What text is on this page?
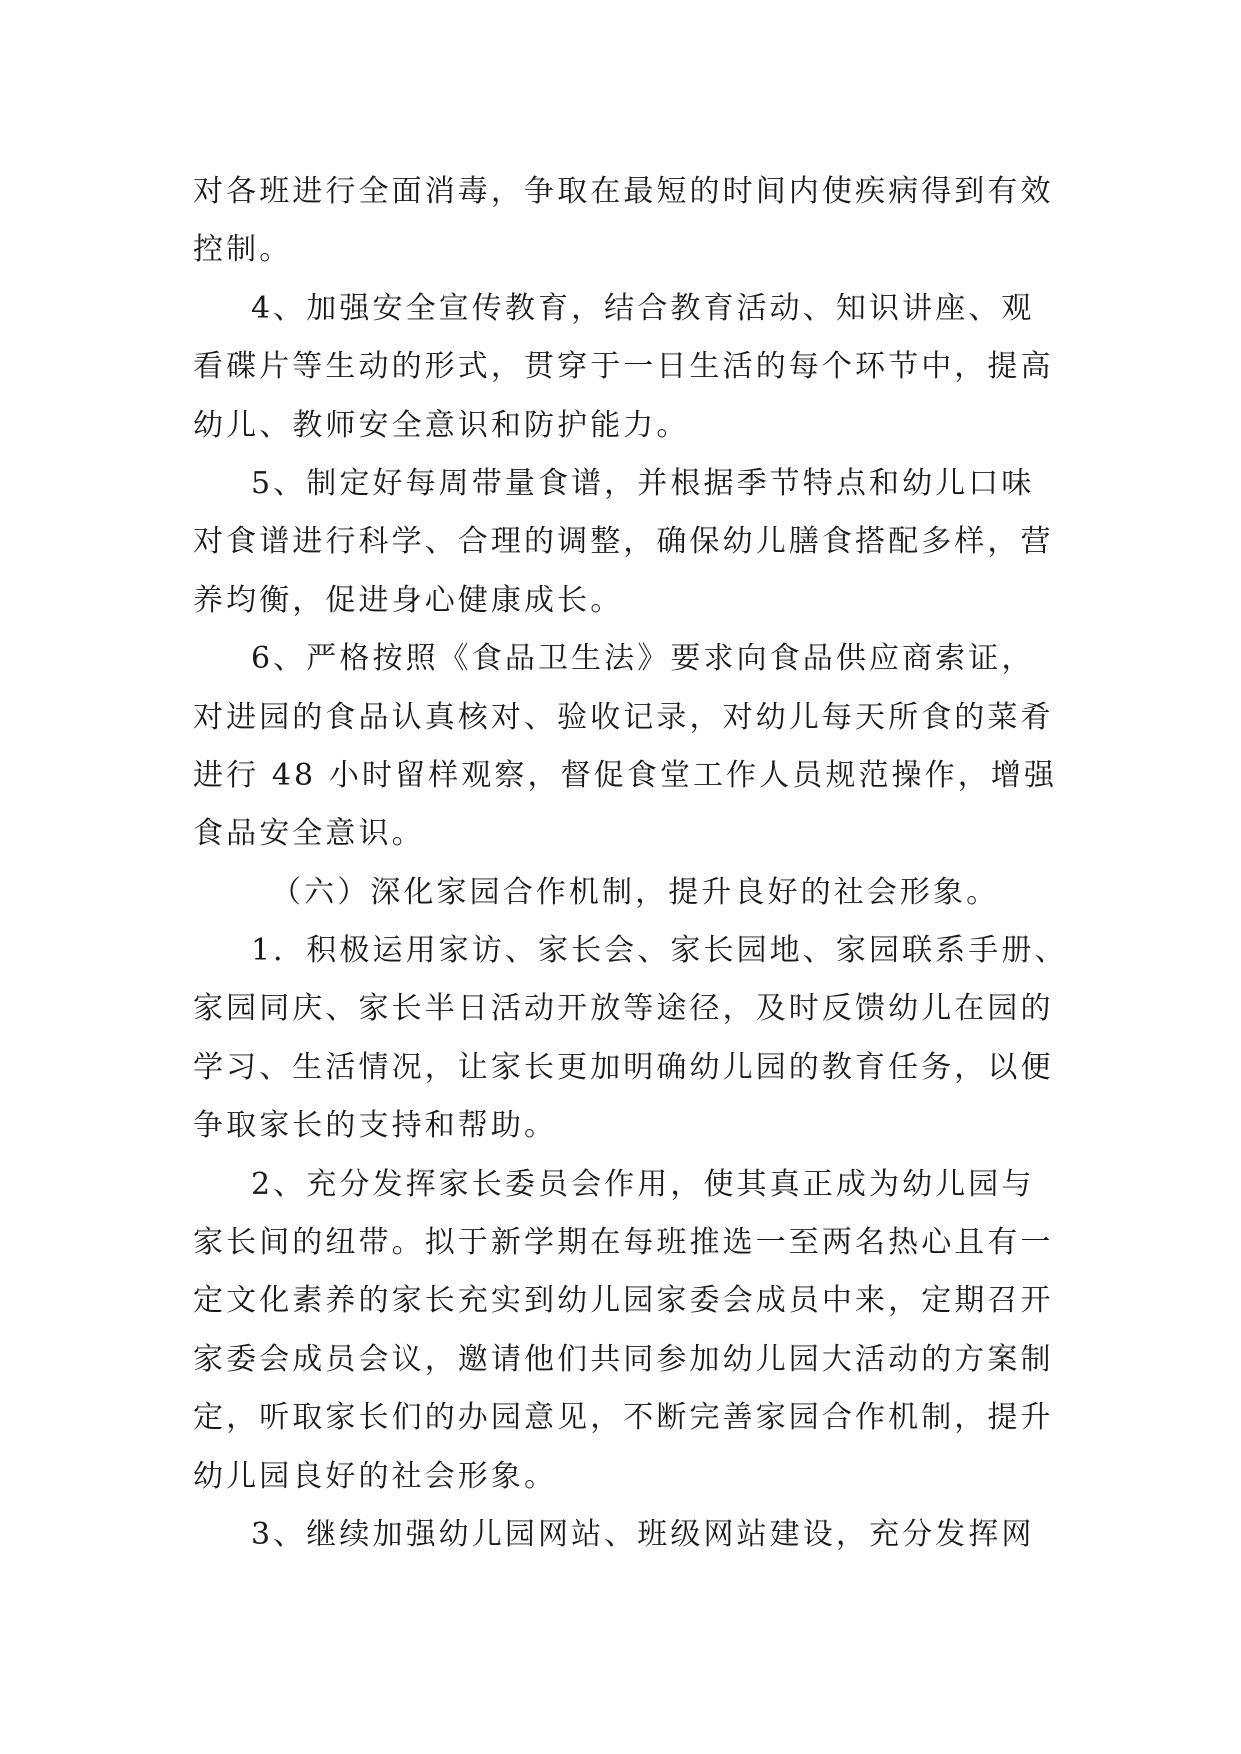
对各班进行全面消毒，争取在最短的时间内使疾病得到有效
控制。
4、加强安全宣传教育，结合教育活动、知识讲座、观
看碟片等生动的形式，贯穿于一日生活的每个环节中，提高
幼儿、教师安全意识和防护能力。
5、制定好每周带量食谱，并根据季节特点和幼儿口味
对食谱进行科学、合理的调整，确保幼儿膳食搭配多样，营
养均衡，促进身心健康成长。
6、严格按照《食品卫生法》要求向食品供应商索证，
对进园的食品认真核对、验收记录，对幼儿每天所食的菜肴
进行 48 小时留样观察，督促食堂工作人员规范操作，增强
食品安全意识。
（六）深化家园合作机制，提升良好的社会形象。
1．积极运用家访、家长会、家长园地、家园联系手册、
家园同庆、家长半日活动开放等途径，及时反馈幼儿在园的
学习、生活情况，让家长更加明确幼儿园的教育任务，以便
争取家长的支持和帮助。
2、充分发挥家长委员会作用，使其真正成为幼儿园与
家长间的纽带。拟于新学期在每班推选一至两名热心且有一
定文化素养的家长充实到幼儿园家委会成员中来，定期召开
家委会成员会议，邀请他们共同参加幼儿园大活动的方案制
定，听取家长们的办园意见，不断完善家园合作机制，提升
幼儿园良好的社会形象。
3、继续加强幼儿园网站、班级网站建设，充分发挥网
